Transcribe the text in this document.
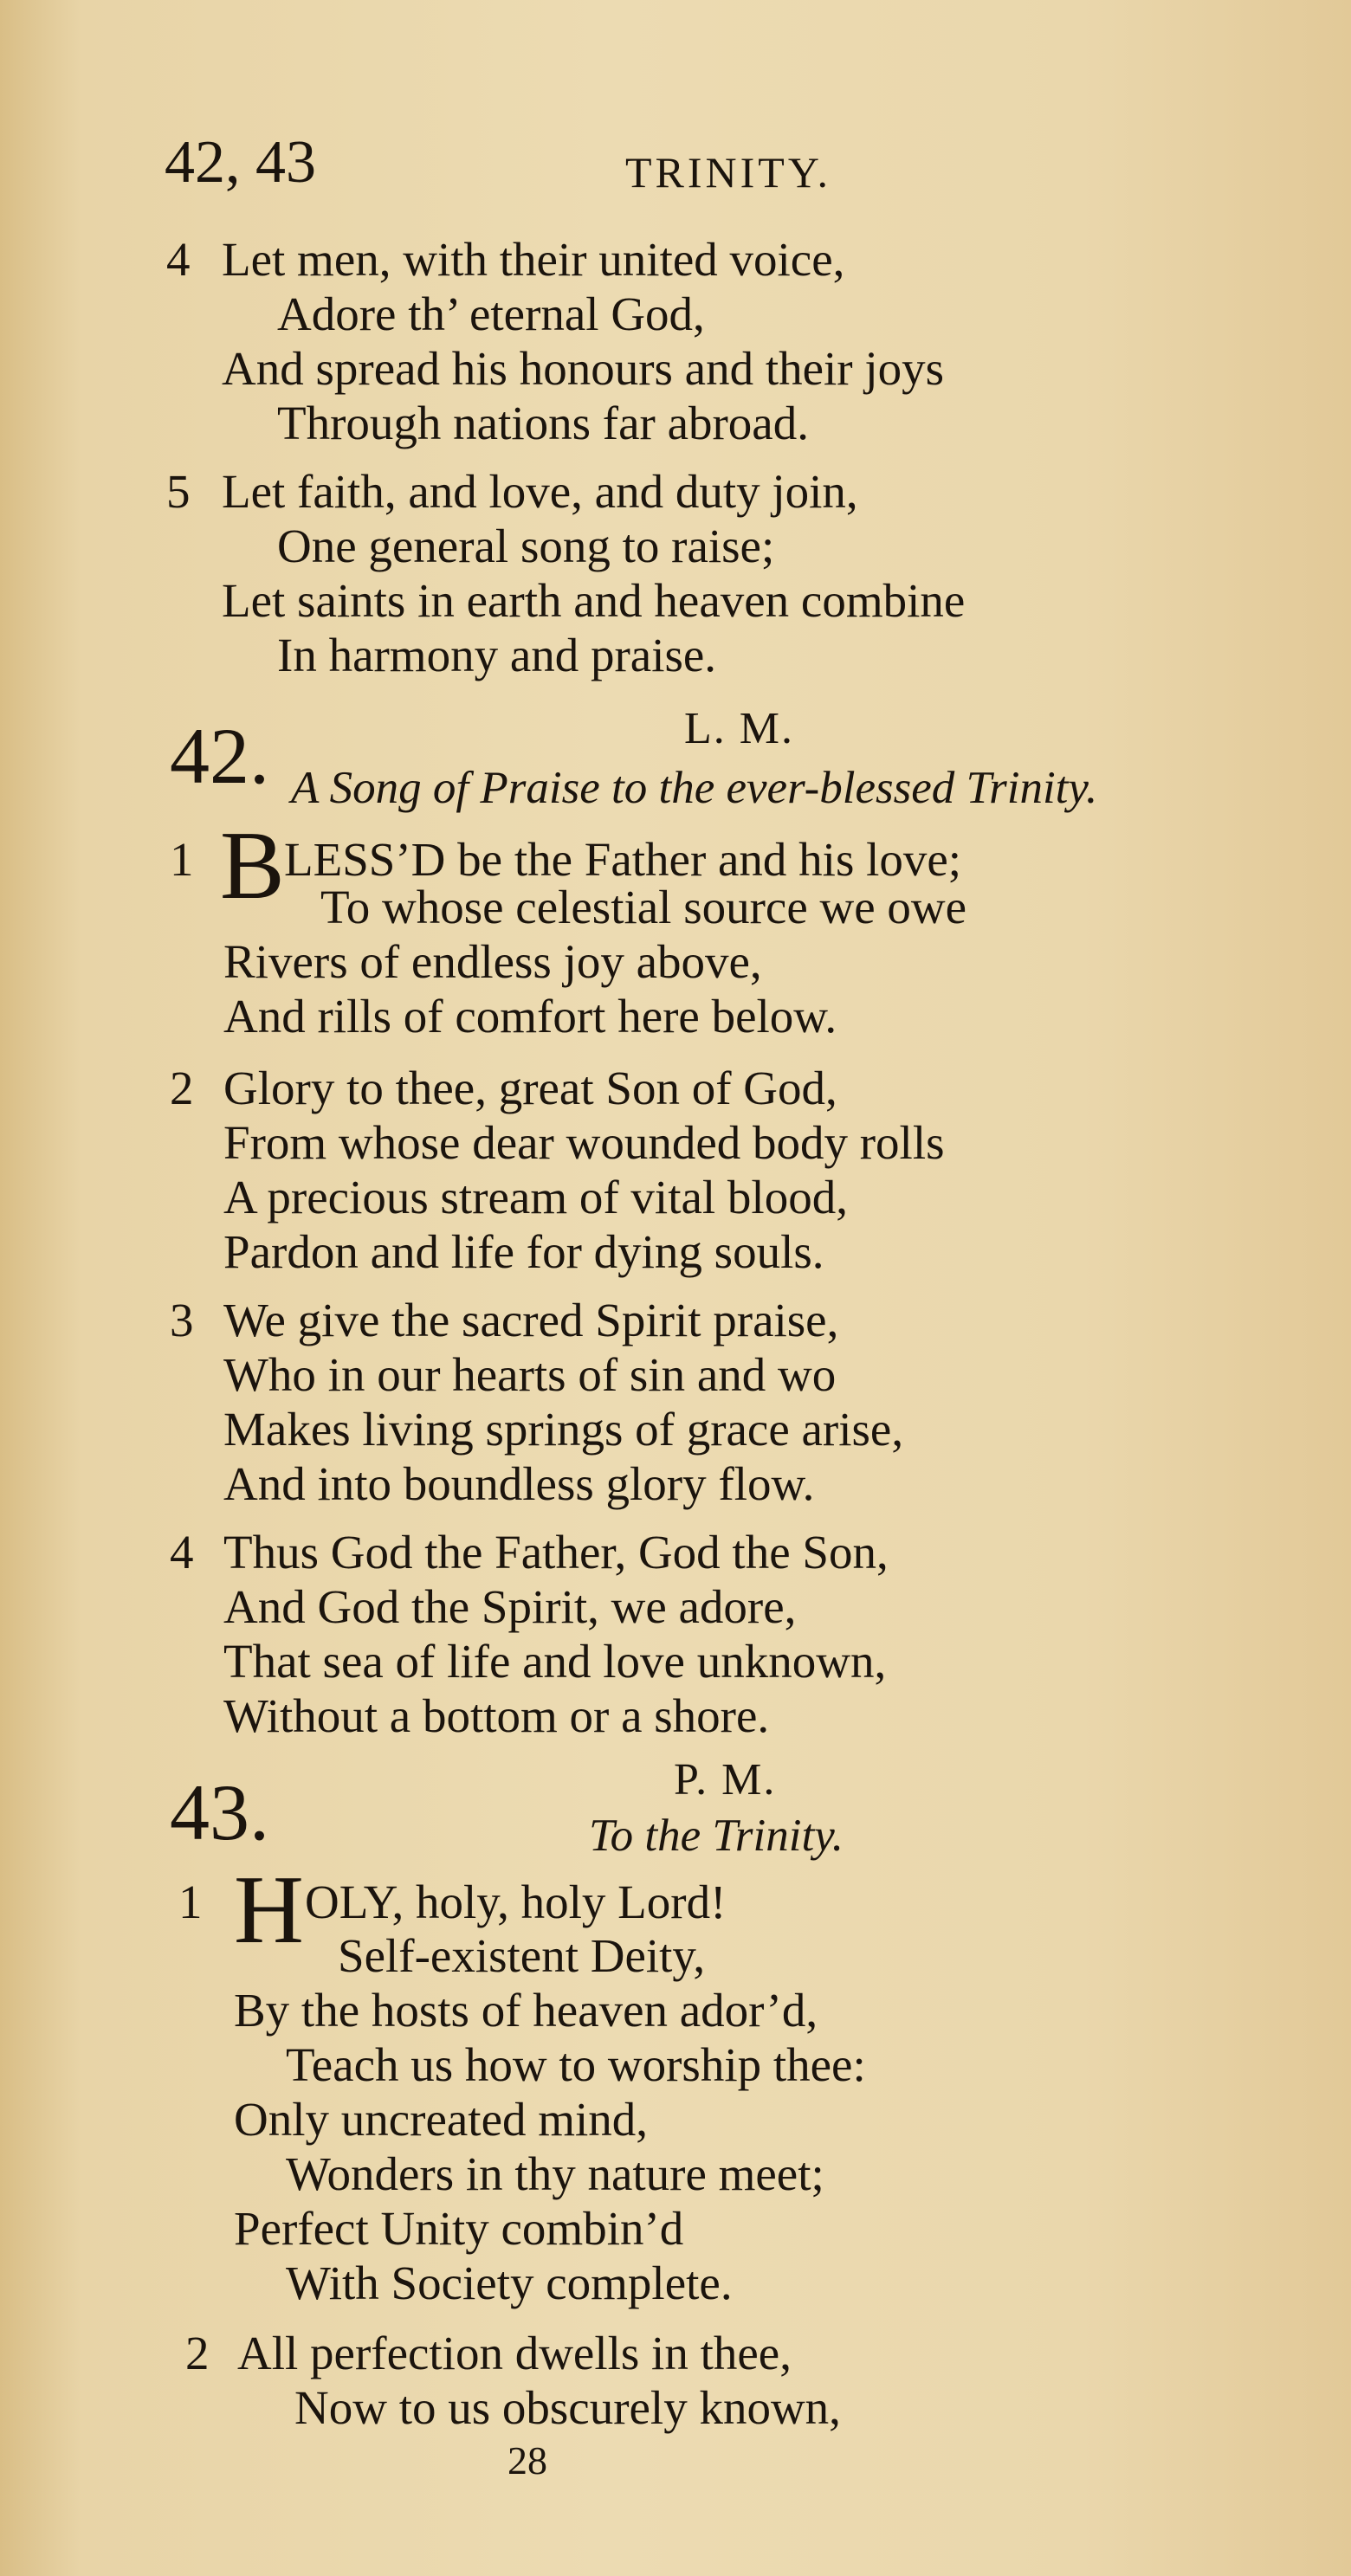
42, 43	TRINITY.
4 Let men, with their united voice,
Adore th’ eternal God,
And spread his honours and their joys
Through nations far abroad.
5 Let faith, and love, and duty join,
One general song to raise;
Let saints in earth and heaven combine
In harmony and praise.
42.	L. M.
A Song of Praise to the ever-blessed Trinity.
1 B LESS’D be the Father and his love;
To whose celestial source we owe
Rivers of endless joy above,
And rills of comfort here below.
2 Glory to thee, great Son of God,
From whose dear wounded body rolls
A precious stream of vital blood,
Pardon and life for dying souls.
3 We give the sacred Spirit praise,
Who in our hearts of sin and wo
Makes living springs of grace arise,
And into boundless glory flow.
4 Thus God the Father, God the Son,
And God the Spirit, we adore,
That sea of life and love unknown,
Without a bottom or a shore.
43.	P. M.
To the Trinity.
1 H OLY, holy, holy Lord!
Self-existent Deity,
By the hosts of heaven ador’d,
Teach us how to worship thee:
Only uncreated mind,
Wonders in thy nature meet;
Perfect Unity combin’d
With Society complete.
2 All perfection dwells in thee,
Now to us obscurely known,
28
